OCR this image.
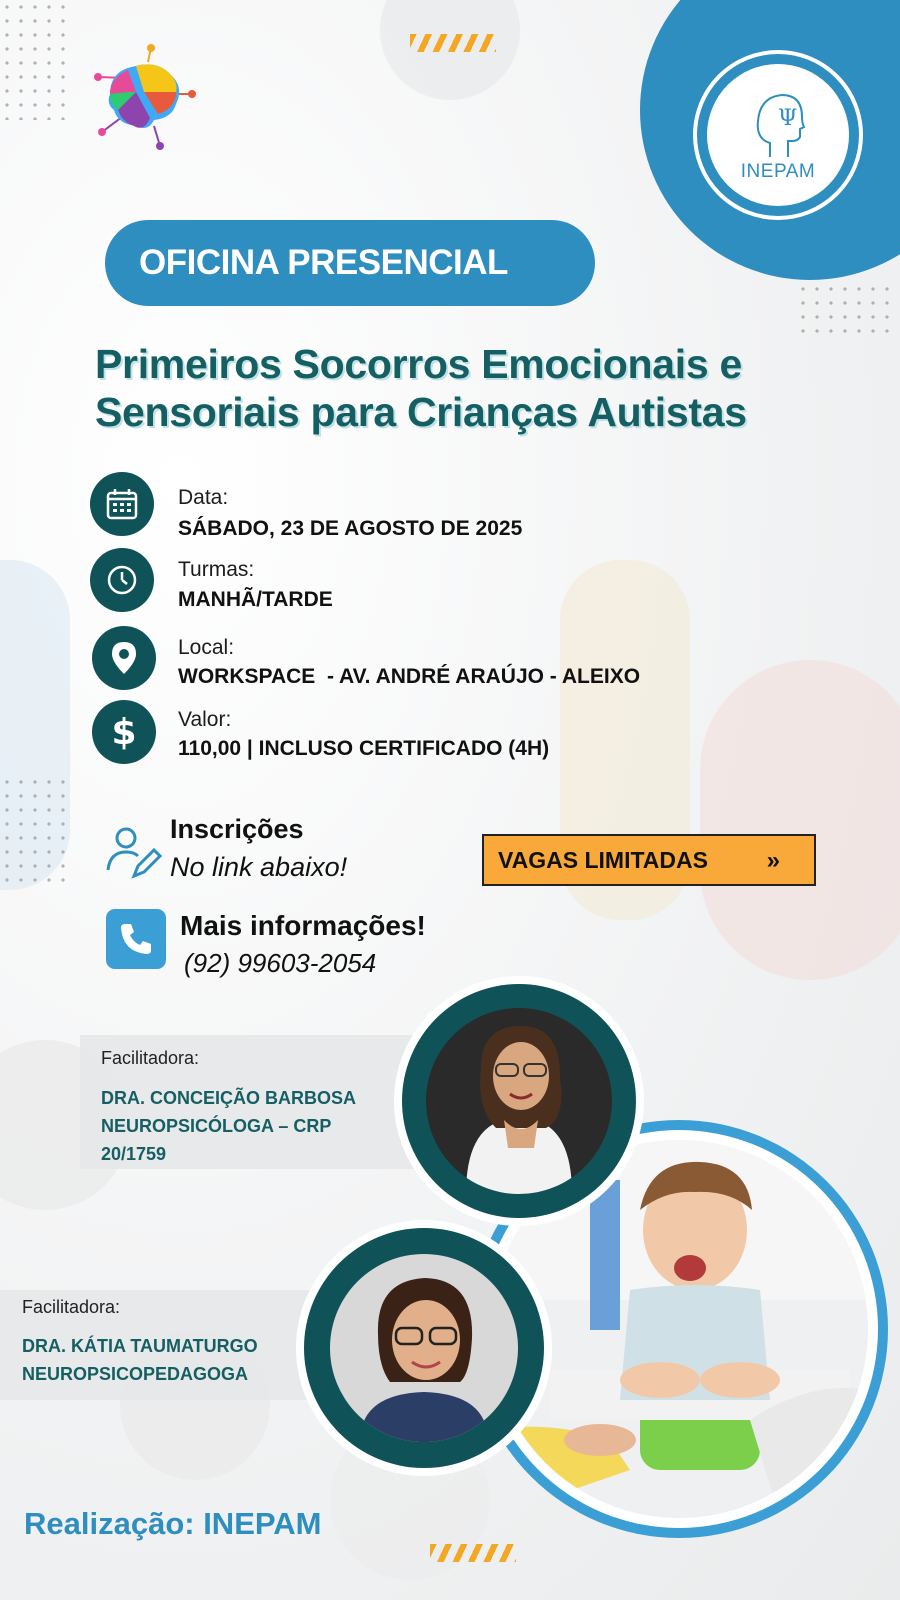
Ψ
INEPAM
OFICINA PRESENCIAL
Primeiros Socorros Emocionais e
Sensoriais para Crianças Autistas
Data:
SÁBADO, 23 DE AGOSTO DE 2025
Turmas:
MANHÃ/TARDE
Local:
WORKSPACE  - AV. ANDRÉ ARAÚJO - ALEIXO
$ Valor:
110,00 | INCLUSO CERTIFICADO (4H)
Inscrições
No link abaixo!	VAGAS LIMITADAS »
Mais informações!
(92) 99603-2054
Facilitadora:
DRA. CONCEIÇÃO BARBOSA
NEUROPSICÓLOGA – CRP
20/1759
Facilitadora:
DRA. KÁTIA TAUMATURGO
NEUROPSICOPEDAGOGA
Realização: INEPAM
